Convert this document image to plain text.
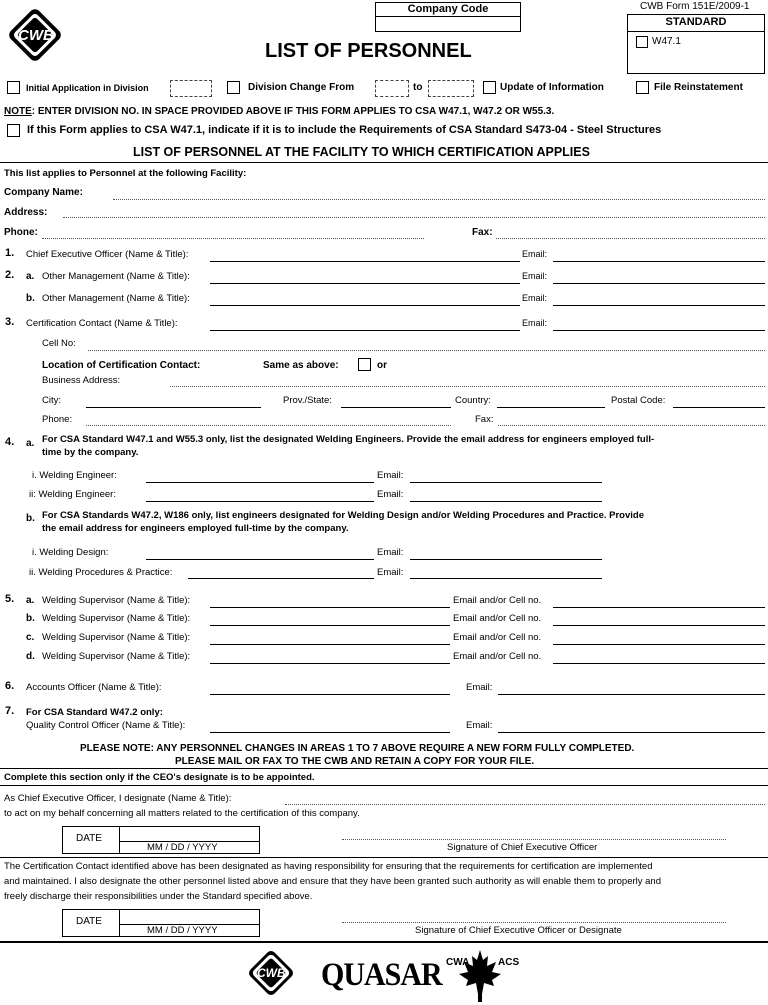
CWB
Company Code	CWB Form 151E/2009-1
STANDARD
W47.1
LIST OF PERSONNEL
Initial Application in Division	Division Change From	to	Update of Information	File Reinstatement
NOTE: ENTER DIVISION NO. IN SPACE PROVIDED ABOVE IF THIS FORM APPLIES TO CSA W47.1, W47.2 OR W55.3.
If this Form applies to CSA W47.1, indicate if it is to include the Requirements of CSA Standard S473-04 - Steel Structures
LIST OF PERSONNEL AT THE FACILITY TO WHICH CERTIFICATION APPLIES
This list applies to Personnel at the following Facility:
Company Name:
Address:
Phone:	Fax:
1. Chief Executive Officer (Name & Title):	Email:
2. a. Other Management (Name & Title):	Email:
b. Other Management (Name & Title):	Email:
3. Certification Contact (Name & Title):	Email:
Cell No:
Location of Certification Contact:	Same as above:	or
Business Address:
City:	Prov./State:	Country:	Postal Code:
Phone:	Fax:
4. a. For CSA Standard W47.1 and W55.3 only, list the designated Welding Engineers. Provide the email address for engineers employed full-
time by the company.
i. Welding Engineer:	Email:
ii: Welding Engineer:	Email:
b. For CSA Standards W47.2, W186 only, list engineers designated for Welding Design and/or Welding Procedures and Practice. Provide
the email address for engineers employed full-time by the company.
i. Welding Design:	Email:
ii. Welding Procedures & Practice:	Email:
5. a. Welding Supervisor (Name & Title):	Email and/or Cell no.
b. Welding Supervisor (Name & Title):	Email and/or Cell no.
c. Welding Supervisor (Name & Title):	Email and/or Cell no.
d. Welding Supervisor (Name & Title):	Email and/or Cell no.
6. Accounts Officer (Name & Title):	Email:
7. For CSA Standard W47.2 only:
Quality Control Officer (Name & Title):	Email:
PLEASE NOTE: ANY PERSONNEL CHANGES IN AREAS 1 TO 7 ABOVE REQUIRE A NEW FORM FULLY COMPLETED.
PLEASE MAIL OR FAX TO THE CWB AND RETAIN A COPY FOR YOUR FILE.
Complete this section only if the CEO's designate is to be appointed.
As Chief Executive Officer, I designate (Name & Title):
to act on my behalf concerning all matters related to the certification of this company.
DATE
MM / DD / YYYY	Signature of Chief Executive Officer
The Certification Contact identified above has been designated as having responsibility for ensuring that the requirements for certification are implemented
and maintained. I also designate the other personnel listed above and ensure that they have been granted such authority as will enable them to properly and
freely discharge their responsibilities under the Standard specified above.
DATE
MM / DD / YYYY	Signature of Chief Executive Officer or Designate
CWB QUASAR CWA	ACS
